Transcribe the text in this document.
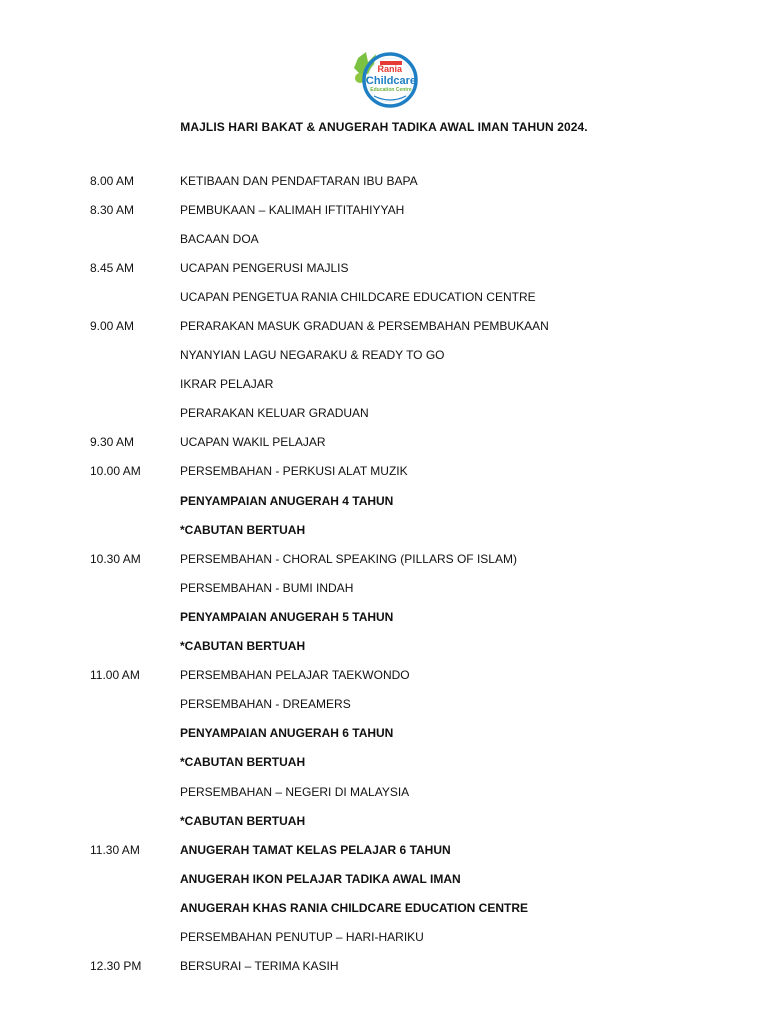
Rania
Childcare
Education Centre
MAJLIS HARI BAKAT & ANUGERAH TADIKA AWAL IMAN TAHUN 2024.
8.00 AM	KETIBAAN DAN PENDAFTARAN IBU BAPA
8.30 AM	PEMBUKAAN – KALIMAH IFTITAHIYYAH
BACAAN DOA
8.45 AM	UCAPAN PENGERUSI MAJLIS
UCAPAN PENGETUA RANIA CHILDCARE EDUCATION CENTRE
9.00 AM	PERARAKAN MASUK GRADUAN & PERSEMBAHAN PEMBUKAAN
NYANYIAN LAGU NEGARAKU & READY TO GO
IKRAR PELAJAR
PERARAKAN KELUAR GRADUAN
9.30 AM	UCAPAN WAKIL PELAJAR
10.00 AM	PERSEMBAHAN - PERKUSI ALAT MUZIK
PENYAMPAIAN ANUGERAH 4 TAHUN
*CABUTAN BERTUAH
10.30 AM	PERSEMBAHAN - CHORAL SPEAKING (PILLARS OF ISLAM)
PERSEMBAHAN - BUMI INDAH
PENYAMPAIAN ANUGERAH 5 TAHUN
*CABUTAN BERTUAH
11.00 AM	PERSEMBAHAN PELAJAR TAEKWONDO
PERSEMBAHAN - DREAMERS
PENYAMPAIAN ANUGERAH 6 TAHUN
*CABUTAN BERTUAH
PERSEMBAHAN – NEGERI DI MALAYSIA
*CABUTAN BERTUAH
11.30 AM	ANUGERAH TAMAT KELAS PELAJAR 6 TAHUN
ANUGERAH IKON PELAJAR TADIKA AWAL IMAN
ANUGERAH KHAS RANIA CHILDCARE EDUCATION CENTRE
PERSEMBAHAN PENUTUP – HARI-HARIKU
12.30 PM	BERSURAI – TERIMA KASIH
